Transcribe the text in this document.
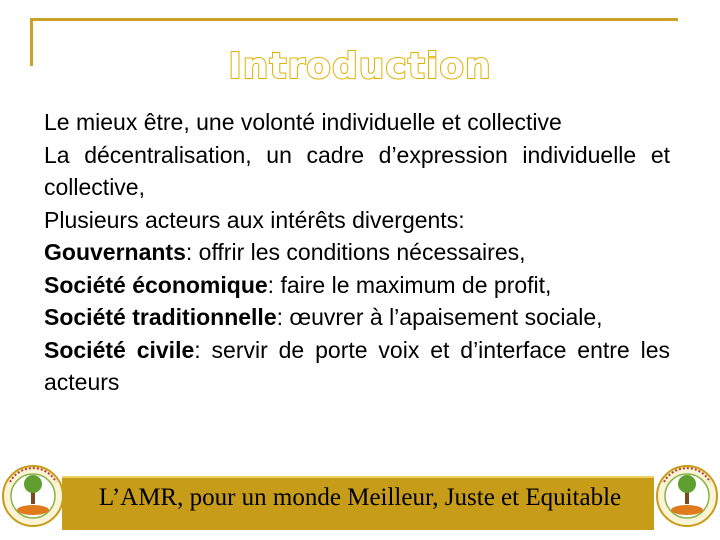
Introduction

Le mieux être, une volonté individuelle et collective

La décentralisation, un cadre d’expression individuelle et collective,

Plusieurs acteurs aux intérêts divergents:

Gouvernants: offrir les conditions nécessaires,

Société économique: faire le maximum de profit,

Société traditionnelle: œuvrer à l’apaisement sociale,

Société civile: servir de porte voix et d’interface entre les acteurs

L’AMR, pour un monde Meilleur, Juste et Equitable
